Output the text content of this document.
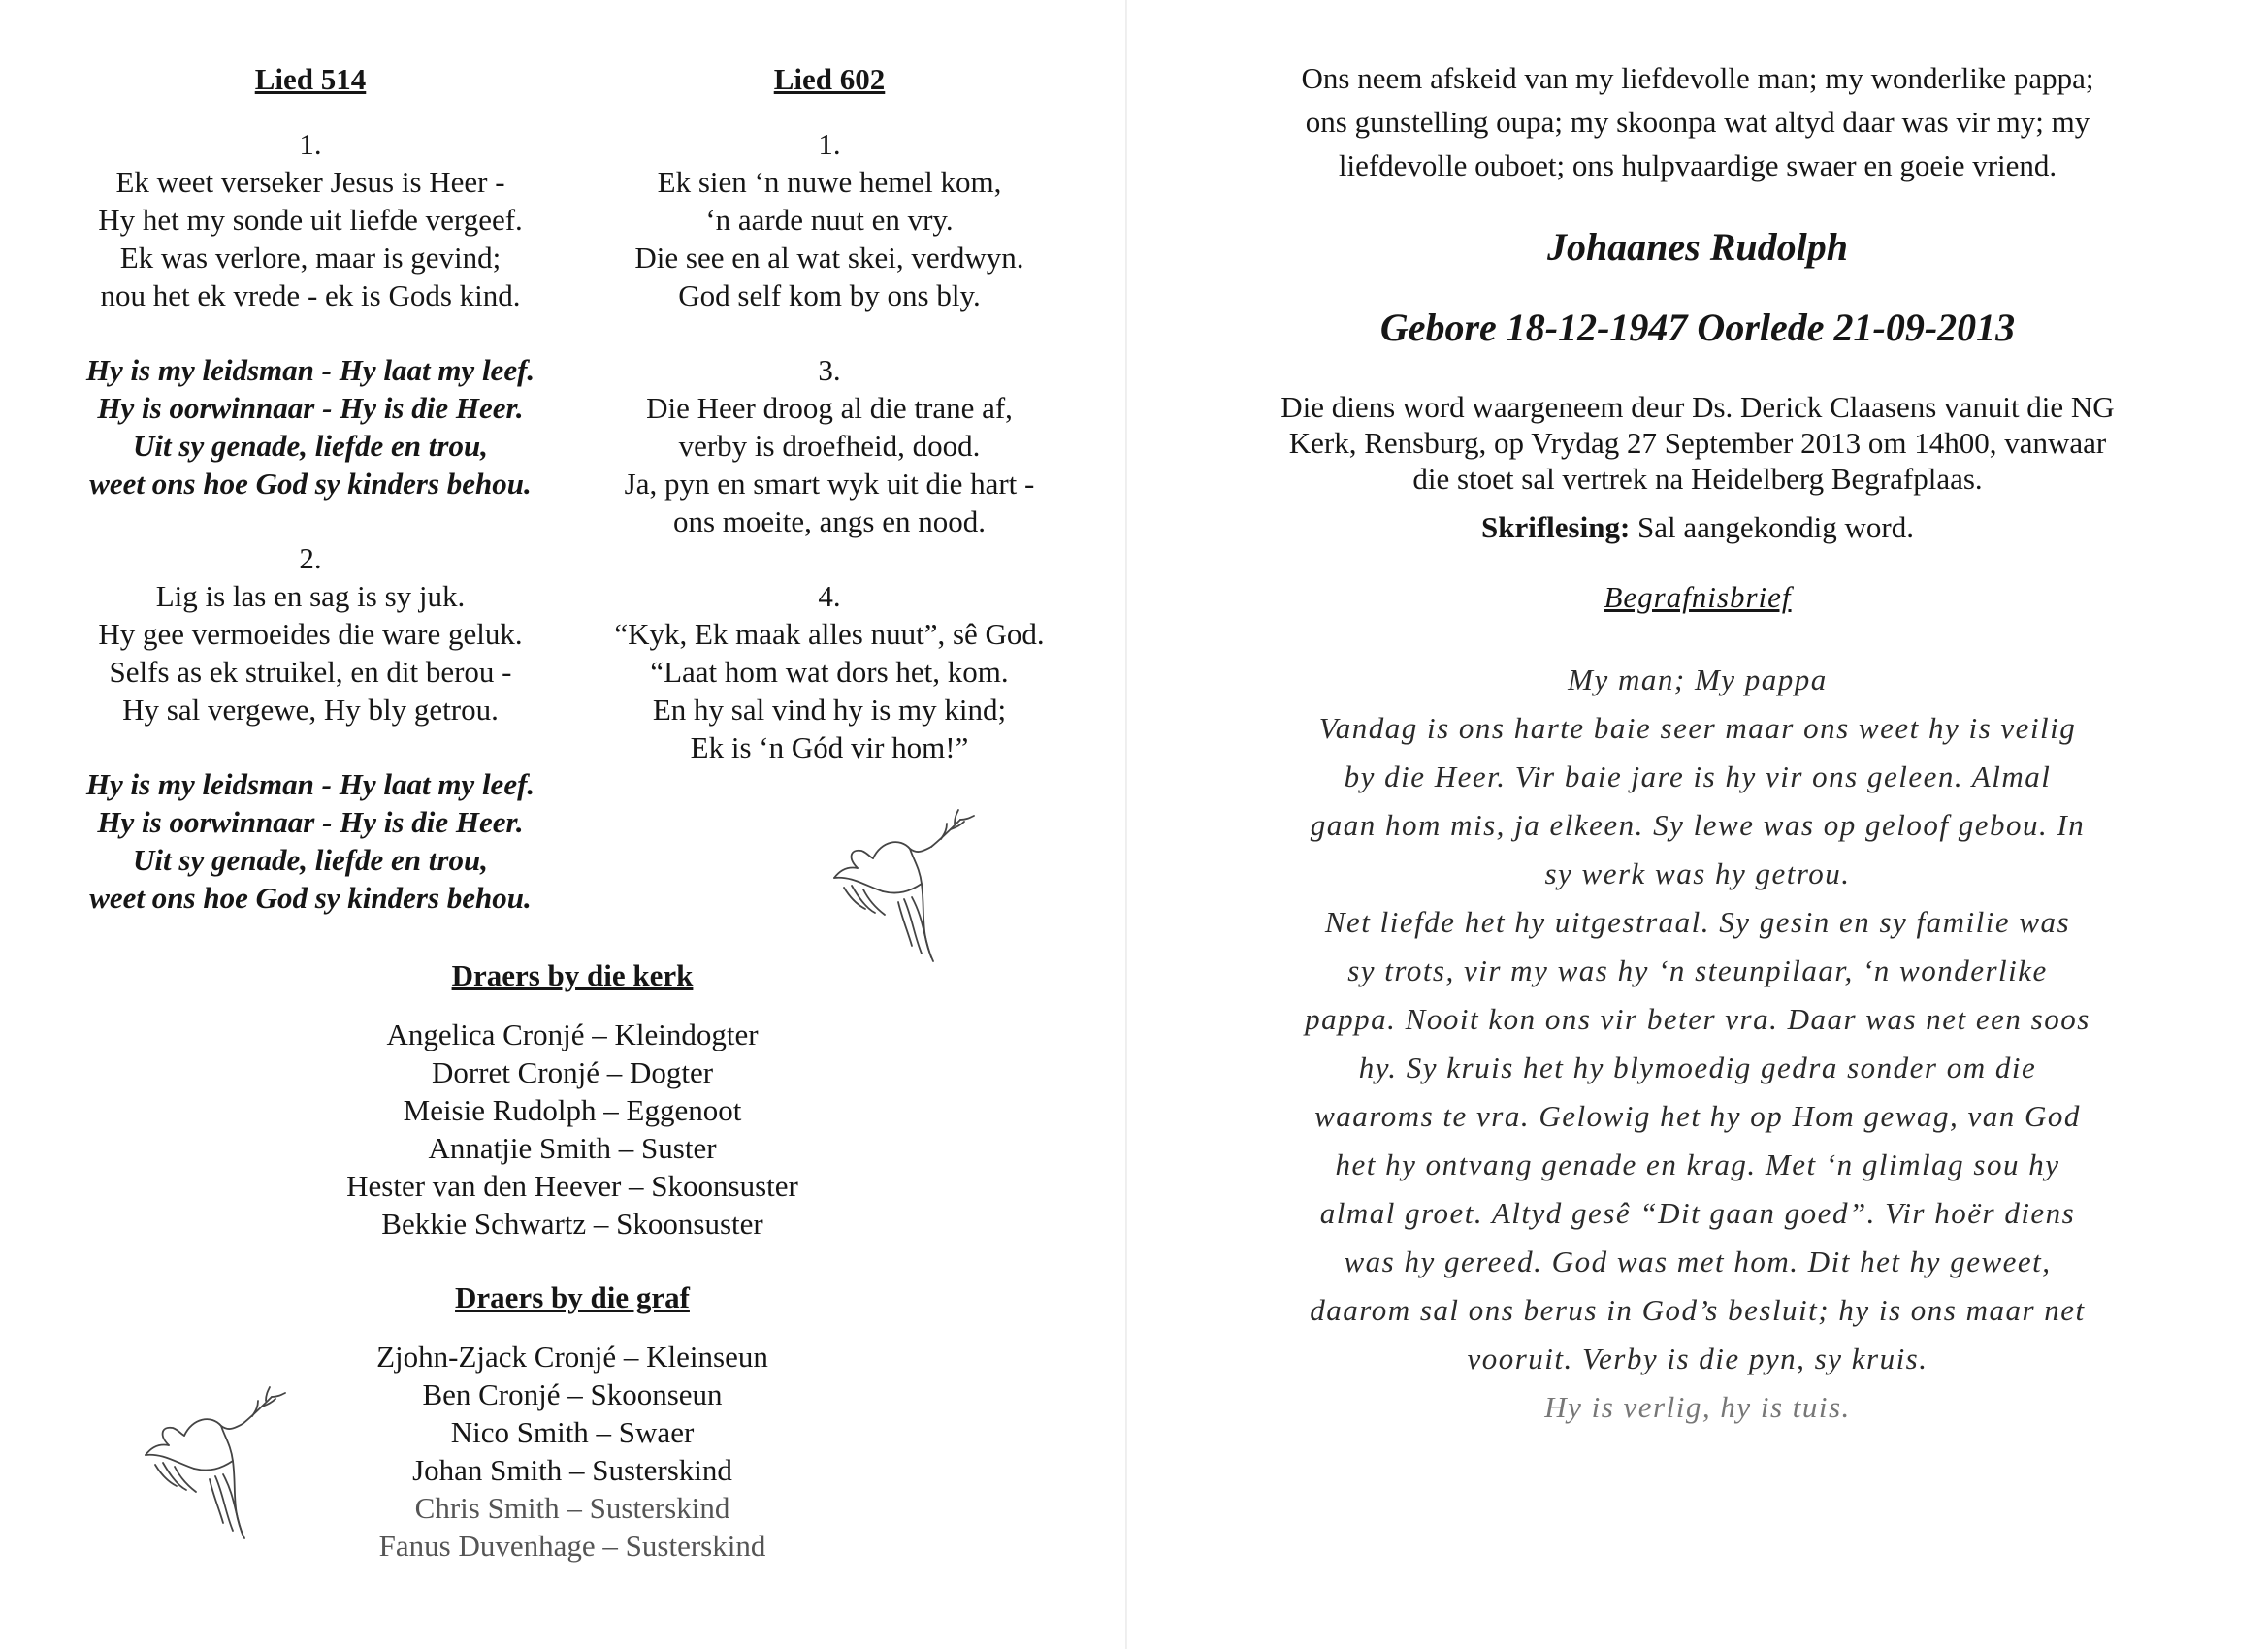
Lied 514
1.
Ek weet verseker Jesus is Heer -
Hy het my sonde uit liefde vergeef.
Ek was verlore, maar is gevind;
nou het ek vrede - ek is Gods kind.
Hy is my leidsman - Hy laat my leef.
Hy is oorwinnaar - Hy is die Heer.
Uit sy genade, liefde en trou,
weet ons hoe God sy kinders behou.
2.
Lig is las en sag is sy juk.
Hy gee vermoeides die ware geluk.
Selfs as ek struikel, en dit berou -
Hy sal vergewe, Hy bly getrou.
Hy is my leidsman - Hy laat my leef.
Hy is oorwinnaar - Hy is die Heer.
Uit sy genade, liefde en trou,
weet ons hoe God sy kinders behou.
Lied 602
1.
Ek sien ‘n nuwe hemel kom,
‘n aarde nuut en vry.
Die see en al wat skei, verdwyn.
God self kom by ons bly.
3.
Die Heer droog al die trane af,
verby is droefheid, dood.
Ja, pyn en smart wyk uit die hart -
ons moeite, angs en nood.
4.
“Kyk, Ek maak alles nuut”, sê God.
“Laat hom wat dors het, kom.
En hy sal vind hy is my kind;
Ek is ‘n Gód vir hom!”
Draers by die kerk
Angelica Cronjé – Kleindogter
Dorret Cronjé – Dogter
Meisie Rudolph – Eggenoot
Annatjie Smith – Suster
Hester van den Heever – Skoonsuster
Bekkie Schwartz – Skoonsuster
Draers by die graf
Zjohn-Zjack Cronjé – Kleinseun
Ben Cronjé – Skoonseun
Nico Smith – Swaer
Johan Smith – Susterskind
Chris Smith – Susterskind
Fanus Duvenhage – Susterskind
Ons neem afskeid van my liefdevolle man; my wonderlike pappa; ons gunstelling oupa; my skoonpa wat altyd daar was vir my; my liefdevolle ouboet; ons hulpvaardige swaer en goeie vriend.
Johaanes Rudolph
Gebore 18-12-1947 Oorlede 21-09-2013
Die diens word waargeneem deur Ds. Derick Claasens vanuit die NG Kerk, Rensburg, op Vrydag 27 September 2013 om 14h00, vanwaar die stoet sal vertrek na Heidelberg Begrafplaas.
Skriflesing: Sal aangekondig word.
Begrafnisbrief
My man; My pappa
Vandag is ons harte baie seer maar ons weet hy is veilig
by die Heer. Vir baie jare is hy vir ons geleen. Almal
gaan hom mis, ja elkeen. Sy lewe was op geloof gebou. In
sy werk was hy getrou.
Net liefde het hy uitgestraal. Sy gesin en sy familie was
sy trots, vir my was hy ‘n steunpilaar, ‘n wonderlike
pappa. Nooit kon ons vir beter vra. Daar was net een soos
hy. Sy kruis het hy blymoedig gedra sonder om die
waaroms te vra. Gelowig het hy op Hom gewag, van God
het hy ontvang genade en krag. Met ‘n glimlag sou hy
almal groet. Altyd gesê “Dit gaan goed”. Vir hoër diens
was hy gereed. God was met hom. Dit het hy geweet,
daarom sal ons berus in God’s besluit; hy is ons maar net
vooruit. Verby is die pyn, sy kruis.
Hy is verlig, hy is tuis.
